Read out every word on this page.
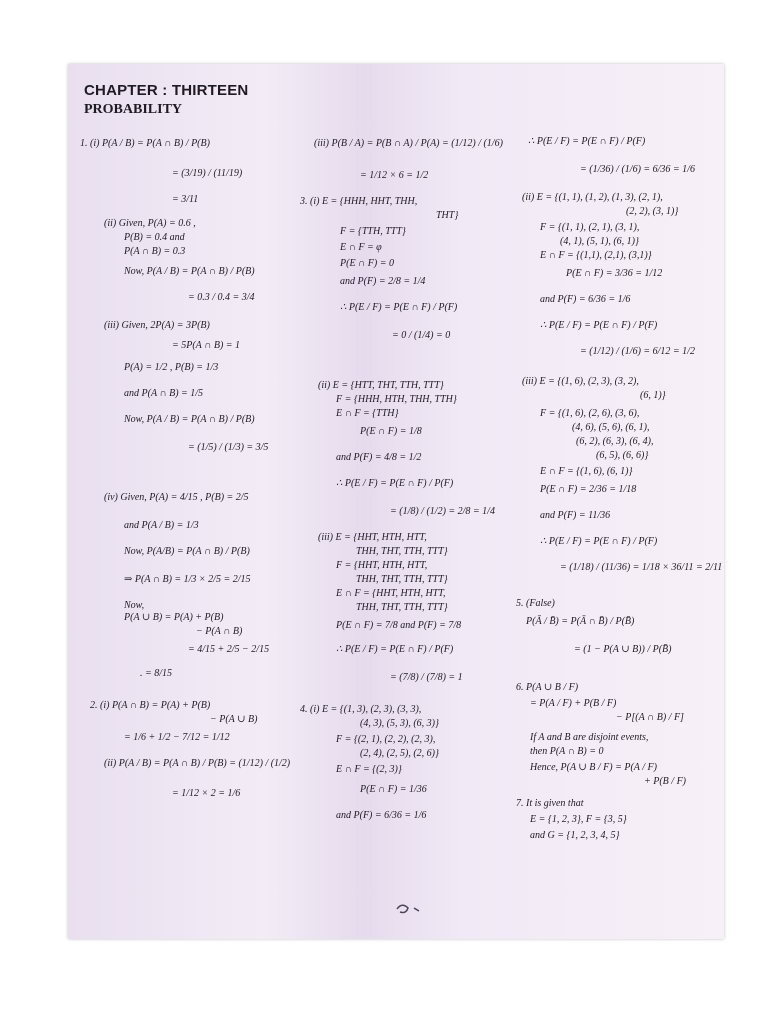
CHAPTER : THIRTEEN
PROBABILITY
1. (i) P(A / B) = P(A ∩ B) / P(B)
= (3/19) / (11/19)
= 3/11
(ii) Given, P(A) = 0.6 ,
P(B) = 0.4 and
P(A ∩ B) = 0.3
Now, P(A / B) = P(A ∩ B) / P(B)
= 0.3 / 0.4 = 3/4
(iii) Given, 2P(A) = 3P(B)
= 5P(A ∩ B) = 1
P(A) = 1/2 , P(B) = 1/3
and P(A ∩ B) = 1/5
Now, P(A / B) = P(A ∩ B) / P(B)
= (1/5) / (1/3) = 3/5
(iv) Given, P(A) = 4/15 , P(B) = 2/5
and P(A / B) = 1/3
Now, P(A/B) = P(A ∩ B) / P(B)
⇒ P(A ∩ B) = 1/3 × 2/5 = 2/15
Now,
P(A ∪ B) = P(A) + P(B)
− P(A ∩ B)
= 4/15 + 2/5 − 2/15
. = 8/15
2. (i) P(A ∩ B) = P(A) + P(B)
− P(A ∪ B)
= 1/6 + 1/2 − 7/12 = 1/12
(ii) P(A / B) = P(A ∩ B) / P(B) = (1/12) / (1/2)
= 1/12 × 2 = 1/6
(iii) P(B / A) = P(B ∩ A) / P(A) = (1/12) / (1/6)
= 1/12 × 6 = 1/2
3. (i) E = {HHH, HHT, THH,
THT}
F = {TTH, TTT}
E ∩ F = φ
P(E ∩ F) = 0
and P(F) = 2/8 = 1/4
∴ P(E / F) = P(E ∩ F) / P(F)
= 0 / (1/4) = 0
(ii) E = {HTT, THT, TTH, TTT}
F = {HHH, HTH, THH, TTH}
E ∩ F = {TTH}
P(E ∩ F) = 1/8
and P(F) = 4/8 = 1/2
∴ P(E / F) = P(E ∩ F) / P(F)
= (1/8) / (1/2) = 2/8 = 1/4
(iii) E = {HHT, HTH, HTT,
THH, THT, TTH, TTT}
F = {HHT, HTH, HTT,
THH, THT, TTH, TTT}
E ∩ F = {HHT, HTH, HTT,
THH, THT, TTH, TTT}
P(E ∩ F) = 7/8 and P(F) = 7/8
∴ P(E / F) = P(E ∩ F) / P(F)
= (7/8) / (7/8) = 1
4. (i) E = {(1, 3), (2, 3), (3, 3),
(4, 3), (5, 3), (6, 3)}
F = {(2, 1), (2, 2), (2, 3),
(2, 4), (2, 5), (2, 6)}
E ∩ F = {(2, 3)}
P(E ∩ F) = 1/36
and P(F) = 6/36 = 1/6
∴ P(E / F) = P(E ∩ F) / P(F)
= (1/36) / (1/6) = 6/36 = 1/6
(ii) E = {(1, 1), (1, 2), (1, 3), (2, 1),
(2, 2), (3, 1)}
F = {(1, 1), (2, 1), (3, 1),
(4, 1), (5, 1), (6, 1)}
E ∩ F = {(1,1), (2,1), (3,1)}
P(E ∩ F) = 3/36 = 1/12
and P(F) = 6/36 = 1/6
∴ P(E / F) = P(E ∩ F) / P(F)
= (1/12) / (1/6) = 6/12 = 1/2
(iii) E = {(1, 6), (2, 3), (3, 2),
(6, 1)}
F = {(1, 6), (2, 6), (3, 6),
(4, 6), (5, 6), (6, 1),
(6, 2), (6, 3), (6, 4),
(6, 5), (6, 6)}
E ∩ F = {(1, 6), (6, 1)}
P(E ∩ F) = 2/36 = 1/18
and P(F) = 11/36
∴ P(E / F) = P(E ∩ F) / P(F)
= (1/18) / (11/36) = 1/18 × 36/11 = 2/11
5. (False)
P(Ā / B̄) = P(Ā ∩ B̄) / P(B̄)
= (1 − P(A ∪ B)) / P(B̄)
6. P(A ∪ B / F)
= P(A / F) + P(B / F)
− P[(A ∩ B) / F]
If A and B are disjoint events,
then P(A ∩ B) = 0
Hence, P(A ∪ B / F) = P(A / F)
+ P(B / F)
7. It is given that
E = {1, 2, 3}, F = {3, 5}
and G = {1, 2, 3, 4, 5}
